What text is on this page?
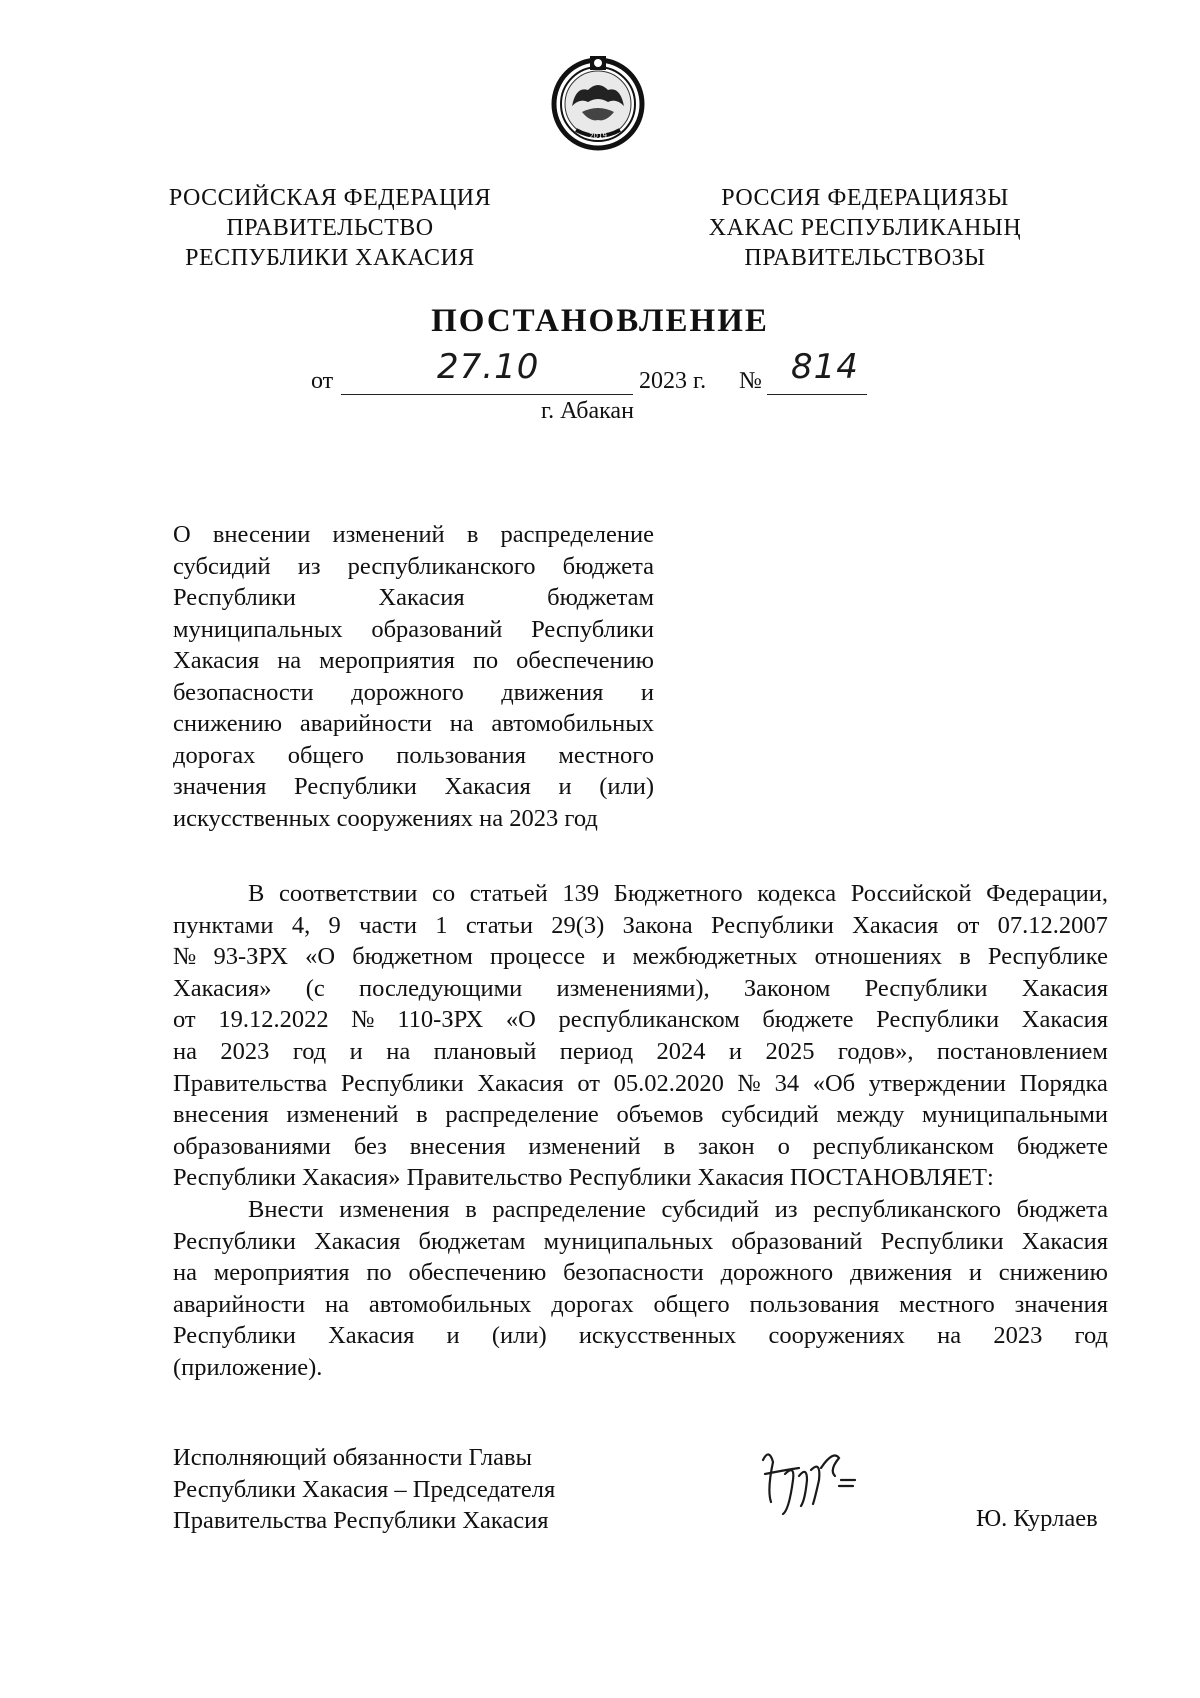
2019
РОССИЙСКАЯ ФЕДЕРАЦИЯ
ПРАВИТЕЛЬСТВО
РЕСПУБЛИКИ ХАКАСИЯ
РОССИЯ ФЕДЕРАЦИЯЗЫ
ХАКАС РЕСПУБЛИКАНЫҢ
ПРАВИТЕЛЬСТВОЗЫ
ПОСТАНОВЛЕНИЕ
от	27.10	2023 г. № 814
г. Абакан
О внесении изменений в распределение
субсидий из республиканского бюджета
Республики	Хакасия	бюджетам
муниципальных образований Республики
Хакасия на мероприятия по обеспечению
безопасности дорожного движения и
снижению аварийности на автомобильных
дорогах общего пользования местного
значения Республики Хакасия и (или)
искусственных сооружениях на 2023 год
В соответствии со статьей 139 Бюджетного кодекса Российской Федерации,
пунктами 4, 9 части 1 статьи 29(3) Закона Республики Хакасия от 07.12.2007
№ 93-ЗРХ «О бюджетном процессе и межбюджетных отношениях в Республике
Хакасия» (с последующими изменениями), Законом Республики Хакасия
от 19.12.2022 № 110-ЗРХ «О республиканском бюджете Республики Хакасия
на 2023 год и на плановый период 2024 и 2025 годов», постановлением
Правительства Республики Хакасия от 05.02.2020 № 34 «Об утверждении Порядка
внесения изменений в распределение объемов субсидий между муниципальными
образованиями без внесения изменений в закон о республиканском бюджете
Республики Хакасия» Правительство Республики Хакасия ПОСТАНОВЛЯЕТ:
Внести изменения в распределение субсидий из республиканского бюджета
Республики Хакасия бюджетам муниципальных образований Республики Хакасия
на мероприятия по обеспечению безопасности дорожного движения и снижению
аварийности на автомобильных дорогах общего пользования местного значения
Республики Хакасия и (или) искусственных сооружениях на 2023 год
(приложение).
Исполняющий обязанности Главы
Республики Хакасия – Председателя
Правительства Республики Хакасия	Ю. Курлаев
